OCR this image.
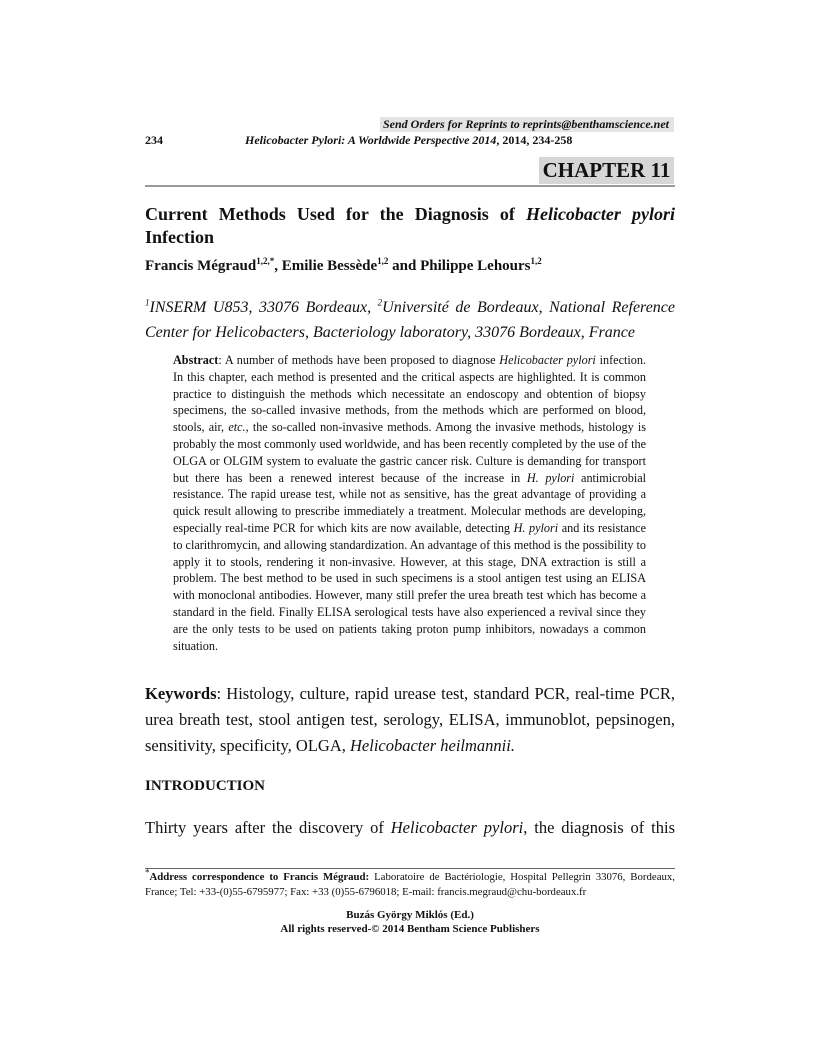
Send Orders for Reprints to reprints@benthamscience.net
234	Helicobacter Pylori: A Worldwide Perspective 2014, 2014, 234-258
CHAPTER 11
Current Methods Used for the Diagnosis of Helicobacter pylori Infection
Francis Mégraud$^{1,2,*}$, Emilie Bessède$^{1,2}$ and Philippe Lehours$^{1,2}$
$^1$INSERM U853, 33076 Bordeaux, $^2$Université de Bordeaux, National Reference Center for Helicobacters, Bacteriology laboratory, 33076 Bordeaux, France
Abstract: A number of methods have been proposed to diagnose Helicobacter pylori infection. In this chapter, each method is presented and the critical aspects are highlighted. It is common practice to distinguish the methods which necessitate an endoscopy and obtention of biopsy specimens, the so-called invasive methods, from the methods which are performed on blood, stools, air, etc., the so-called non-invasive methods. Among the invasive methods, histology is probably the most commonly used worldwide, and has been recently completed by the use of the OLGA or OLGIM system to evaluate the gastric cancer risk. Culture is demanding for transport but there has been a renewed interest because of the increase in H. pylori antimicrobial resistance. The rapid urease test, while not as sensitive, has the great advantage of providing a quick result allowing to prescribe immediately a treatment. Molecular methods are developing, especially real-time PCR for which kits are now available, detecting H. pylori and its resistance to clarithromycin, and allowing standardization. An advantage of this method is the possibility to apply it to stools, rendering it non-invasive. However, at this stage, DNA extraction is still a problem. The best method to be used in such specimens is a stool antigen test using an ELISA with monoclonal antibodies. However, many still prefer the urea breath test which has become a standard in the field. Finally ELISA serological tests have also experienced a revival since they are the only tests to be used on patients taking proton pump inhibitors, nowadays a common situation.
Keywords: Histology, culture, rapid urease test, standard PCR, real-time PCR, urea breath test, stool antigen test, serology, ELISA, immunoblot, pepsinogen, sensitivity, specificity, OLGA, Helicobacter heilmannii.
INTRODUCTION
Thirty years after the discovery of Helicobacter pylori, the diagnosis of this
*Address correspondence to Francis Mégraud: Laboratoire de Bactériologie, Hospital Pellegrin 33076, Bordeaux, France; Tel: +33-(0)55-6795977; Fax: +33 (0)55-6796018; E-mail: francis.megraud@chu-bordeaux.fr
Buzás György Miklós (Ed.)
All rights reserved-© 2014 Bentham Science Publishers
